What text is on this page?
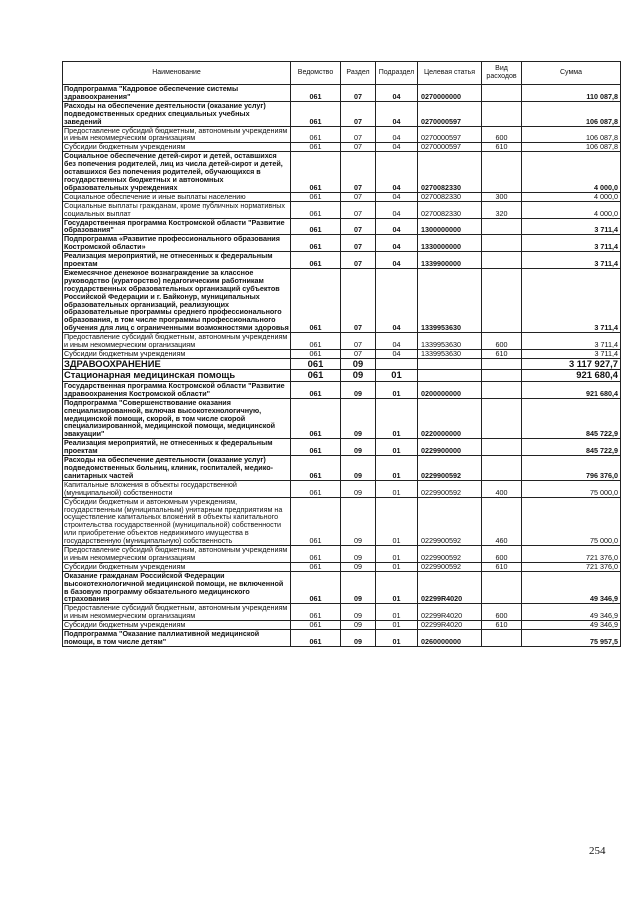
Наименование	Ведомство	Раздел	Подраздел	Целевая статья	Вид расходов	Сумма
Подпрограмма "Кадровое обеспечение системы здравоохранения"	061	07	04	0270000000		110 087,8
Расходы на обеспечение деятельности (оказание услуг) подведомственных средних специальных учебных заведений	061	07	04	0270000597		106 087,8
Предоставление субсидий бюджетным, автономным учреждениям и иным некоммерческим организациям	061	07	04	0270000597	600	106 087,8
Субсидии бюджетным учреждениям	061	07	04	0270000597	610	106 087,8
Социальное обеспечение детей-сирот и детей, оставшихся без попечения родителей, лиц из числа детей-сирот и детей, оставшихся без попечения родителей, обучающихся в государственных бюджетных и автономных образовательных учреждениях	061	07	04	0270082330		4 000,0
Социальное обеспечение и иные выплаты населению	061	07	04	0270082330	300	4 000,0
Социальные выплаты гражданам, кроме публичных нормативных социальных выплат	061	07	04	0270082330	320	4 000,0
Государственная программа Костромской области "Развитие образования"	061	07	04	1300000000		3 711,4
Подпрограмма «Развитие профессионального образования Костромской области»	061	07	04	1330000000		3 711,4
Реализация мероприятий, не отнесенных к федеральным проектам	061	07	04	1339900000		3 711,4
Ежемесячное денежное вознаграждение за классное руководство (кураторство) педагогическим работникам государственных образовательных организаций субъектов Российской Федерации и г. Байконур, муниципальных образовательных организаций, реализующих образовательные программы среднего профессионального образования, в том числе программы профессионального обучения для лиц с ограниченными возможностями здоровья	061	07	04	1339953630		3 711,4
Предоставление субсидий бюджетным, автономным учреждениям и иным некоммерческим организациям	061	07	04	1339953630	600	3 711,4
Субсидии бюджетным учреждениям	061	07	04	1339953630	610	3 711,4
ЗДРАВООХРАНЕНИЕ	061	09				3 117 927,7
Стационарная медицинская помощь	061	09	01			921 680,4
Государственная программа Костромской области "Развитие здравоохранения Костромской области"	061	09	01	0200000000		921 680,4
Подпрограмма "Совершенствование оказания специализированной, включая высокотехнологичную, медицинской помощи, скорой, в том числе скорой специализированной, медицинской помощи, медицинской эвакуации"	061	09	01	0220000000		845 722,9
Реализация мероприятий, не отнесенных к федеральным проектам	061	09	01	0229900000		845 722,9
Расходы на обеспечение деятельности (оказание услуг) подведомственных больниц, клиник, госпиталей, медико-санитарных частей	061	09	01	0229900592		796 376,0
Капитальные вложения в объекты государственной (муниципальной) собственности	061	09	01	0229900592	400	75 000,0
Субсидии бюджетным и автономным учреждениям, государственным (муниципальным) унитарным предприятиям на осуществление капитальных вложений в объекты капитального строительства государственной (муниципальной) собственности или приобретение объектов недвижимого имущества в государственную (муниципальную) собственность	061	09	01	0229900592	460	75 000,0
Предоставление субсидий бюджетным, автономным учреждениям и иным некоммерческим организациям	061	09	01	0229900592	600	721 376,0
Субсидии бюджетным учреждениям	061	09	01	0229900592	610	721 376,0
Оказание гражданам Российской Федерации высокотехнологичной медицинской помощи, не включенной в базовую программу обязательного медицинского страхования	061	09	01	02299R4020		49 346,9
Предоставление субсидий бюджетным, автономным учреждениям и иным некоммерческим организациям	061	09	01	02299R4020	600	49 346,9
Субсидии бюджетным учреждениям	061	09	01	02299R4020	610	49 346,9
Подпрограмма "Оказание паллиативной медицинской помощи, в том числе детям"	061	09	01	0260000000		75 957,5
254
